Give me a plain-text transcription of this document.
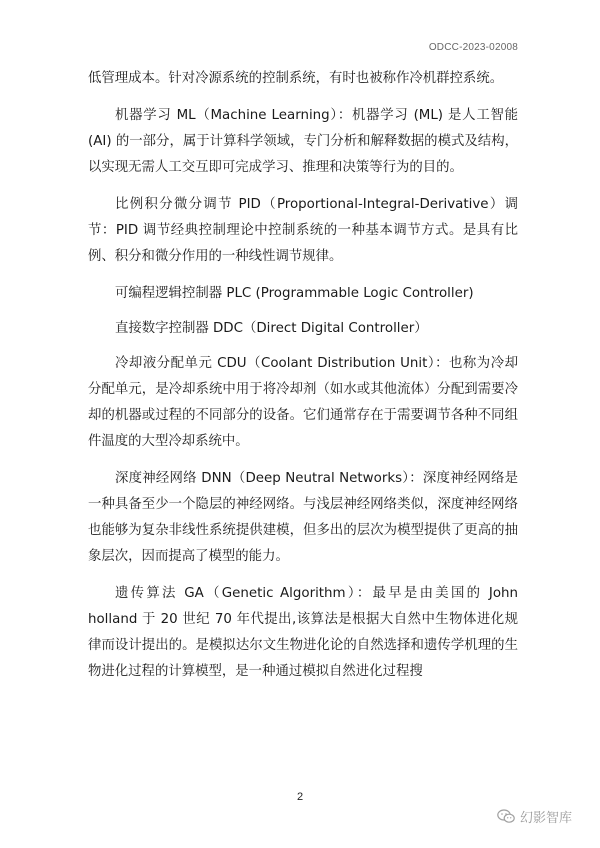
ODCC-2023-02008

低管理成本。针对冷源系统的控制系统，有时也被称作冷机群控系统。

机器学习 ML（Machine Learning）：机器学习 (ML) 是人工智能 (AI) 的一部分，属于计算科学领域，专门分析和解释数据的模式及结构，以实现无需人工交互即可完成学习、推理和决策等行为的目的。

比例积分微分调节 PID（Proportional-Integral-Derivative）调节：PID 调节经典控制理论中控制系统的一种基本调节方式。是具有比例、积分和微分作用的一种线性调节规律。

可编程逻辑控制器 PLC (Programmable Logic Controller)

直接数字控制器 DDC（Direct Digital Controller）

冷却液分配单元 CDU（Coolant Distribution Unit）：也称为冷却分配单元，是冷却系统中用于将冷却剂（如水或其他流体）分配到需要冷却的机器或过程的不同部分的设备。它们通常存在于需要调节各种不同组件温度的大型冷却系统中。

深度神经网络 DNN（Deep Neutral Networks）：深度神经网络是一种具备至少一个隐层的神经网络。与浅层神经网络类似，深度神经网络也能够为复杂非线性系统提供建模，但多出的层次为模型提供了更高的抽象层次，因而提高了模型的能力。

遗传算法 GA（Genetic Algorithm）：最早是由美国的 John holland 于 20 世纪 70 年代提出,该算法是根据大自然中生物体进化规律而设计提出的。是模拟达尔文生物进化论的自然选择和遗传学机理的生物进化过程的计算模型，是一种通过模拟自然进化过程搜

2
幻影智库
